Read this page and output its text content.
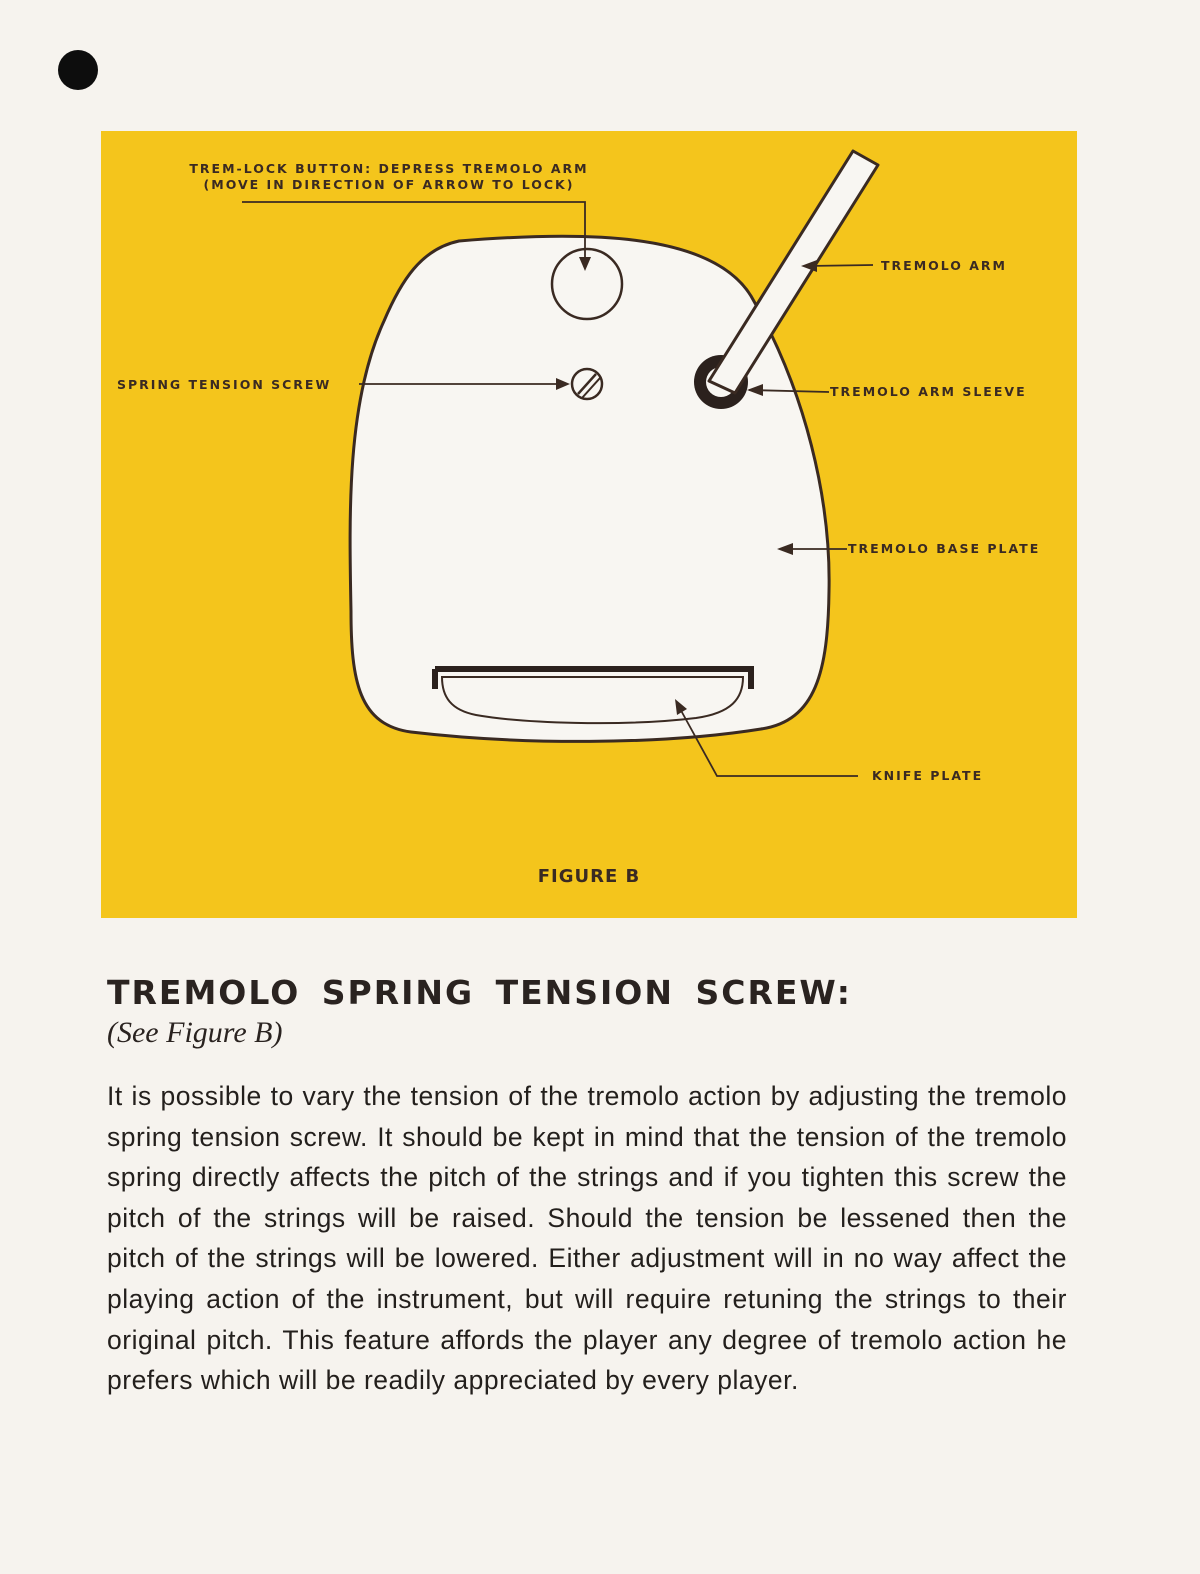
TREM-LOCK BUTTON: DEPRESS TREMOLO ARM
(MOVE IN DIRECTION OF ARROW TO LOCK)
TREMOLO ARM
SPRING TENSION SCREW	TREMOLO ARM SLEEVE
TREMOLO BASE PLATE
KNIFE PLATE
FIGURE B
TREMOLO SPRING TENSION SCREW:

(See Figure B)

It is possible to vary the tension of the tremolo action by adjusting the tremolo spring tension screw. It should be kept in mind that the tension of the tremolo spring directly affects the pitch of the strings and if you tighten this screw the pitch of the strings will be raised. Should the tension be lessened then the pitch of the strings will be lowered. Either adjustment will in no way affect the playing action of the instrument, but will require retuning the strings to their original pitch. This feature affords the player any degree of tremolo action he prefers which will be readily appreciated by every player.
